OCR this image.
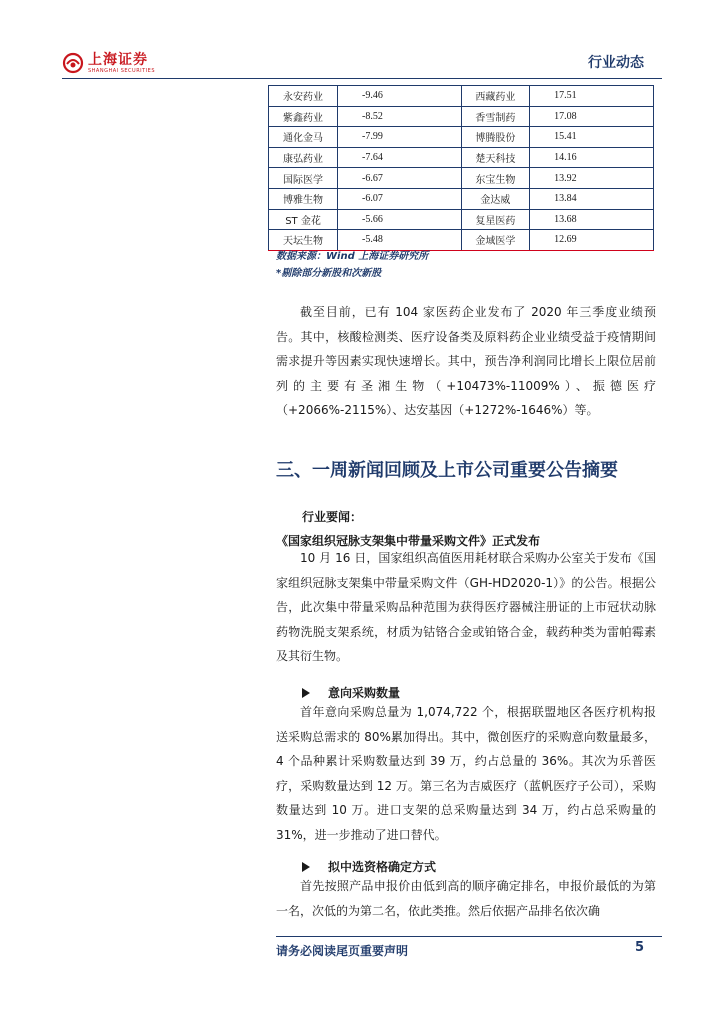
上海证券
SHANGHAI SECURITIES	行业动态
永安药业	-9.46	西藏药业	17.51
紫鑫药业	-8.52	香雪制药	17.08
通化金马	-7.99	博腾股份	15.41
康弘药业	-7.64	楚天科技	14.16
国际医学	-6.67	东宝生物	13.92
博雅生物	-6.07	金达威	13.84
ST 金花	-5.66	复星医药	13.68
天坛生物	-5.48	金域医学	12.69
数据来源：Wind 上海证券研究所
*剔除部分新股和次新股
截至目前，已有 104 家医药企业发布了 2020 年三季度业绩预告。其中，核酸检测类、医疗设备类及原料药企业业绩受益于疫情期间需求提升等因素实现快速增长。其中，预告净利润同比增长上限位居前列的主要有圣湘生物（+10473%-11009%）、振德医疗（+2066%-2115%）、达安基因（+1272%-1646%）等。
三、一周新闻回顾及上市公司重要公告摘要
行业要闻：
《国家组织冠脉支架集中带量采购文件》正式发布
10 月 16 日，国家组织高值医用耗材联合采购办公室关于发布《国家组织冠脉支架集中带量采购文件（GH-HD2020-1）》的公告。根据公告，此次集中带量采购品种范围为获得医疗器械注册证的上市冠状动脉药物洗脱支架系统，材质为钴铬合金或铂铬合金，载药种类为雷帕霉素及其衍生物。
意向采购数量
首年意向采购总量为 1,074,722 个，根据联盟地区各医疗机构报送采购总需求的 80%累加得出。其中，微创医疗的采购意向数量最多，4 个品种累计采购数量达到 39 万，约占总量的 36%。其次为乐普医疗，采购数量达到 12 万。第三名为吉威医疗（蓝帆医疗子公司），采购数量达到 10 万。进口支架的总采购量达到 34 万，约占总采购量的 31%，进一步推动了进口替代。
拟中选资格确定方式
首先按照产品申报价由低到高的顺序确定排名，申报价最低的为第一名，次低的为第二名，依此类推。然后依据产品排名依次确
请务必阅读尾页重要声明	5
